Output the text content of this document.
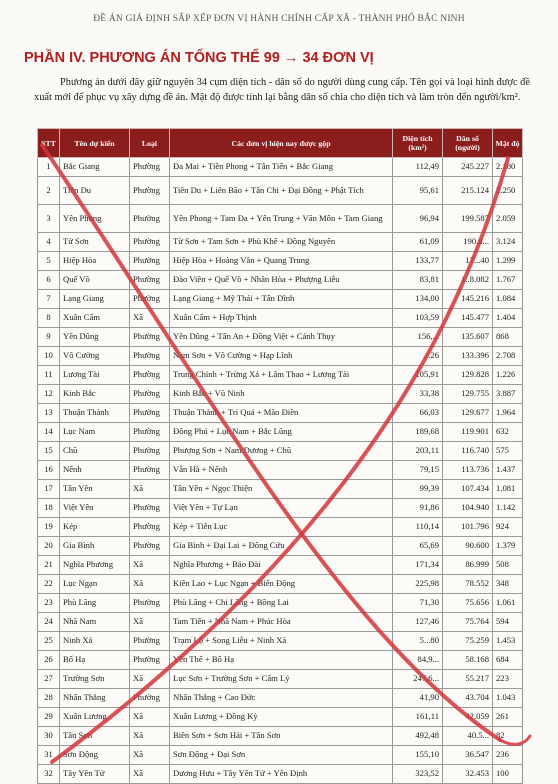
ĐỀ ÁN GIÁ ĐỊNH SẮP XẾP ĐƠN VỊ HÀNH CHÍNH CẤP XÃ - THÀNH PHỐ BẮC NINH
PHẦN IV. PHƯƠNG ÁN TỔNG THỂ 99 → 34 ĐƠN VỊ
Phương án dưới đây giữ nguyên 34 cụm diện tích - dân số do người dùng cung cấp. Tên gọi và loại hình được đề xuất mới để phục vụ xây dựng đề án. Mật độ được tính lại bằng dân số chia cho diện tích và làm tròn đến người/km².
STT	Tên dự kiến	Loại	Các đơn vị hiện nay được gộp	Diện tích (km²)	Dân số (người)	Mật độ
1	Bắc Giang	Phường	Đa Mai + Tiền Phong + Tân Tiến + Bắc Giang	112,49	245.227	2.180
2	Tiên Du	Phường	Tiên Du + Liên Bão + Tân Chi + Đại Đồng + Phật Tích	95,61	215.124	2.250
3	Yên Phong	Phường	Yên Phong + Tam Đa + Yên Trung + Văn Môn + Tam Giang	96,94	199.587	2.059
4	Từ Sơn	Phường	Từ Sơn + Tam Sơn + Phù Khê + Đồng Nguyên	61,09	190.8...	3.124
5	Hiệp Hòa	Phường	Hiệp Hòa + Hoàng Vân + Quang Trung	133,77	17...40	1.299
6	Quế Võ	Phường	Đào Viên + Quế Võ + Nhân Hòa + Phượng Liễu	83,81	1..8.082	1.767
7	Lạng Giang	Phường	Lạng Giang + Mỹ Thái + Tân Dĩnh	134,00	145.216	1.084
8	Xuân Cẩm	Xã	Xuân Cẩm + Hợp Thịnh	103,59	145.477	1.404
9	Yên Dũng	Phường	Yên Dũng + Tân An + Đồng Việt + Cảnh Thụy	156,...	135.607	868
10	Võ Cường	Phường	Nam Sơn + Võ Cường + Hạp Lĩnh	...26	133.396	2.708
11	Lương Tài	Phường	Trung Chính + Trừng Xá + Lâm Thao + Lương Tài	105,91	129.828	1.226
12	Kinh Bắc	Phường	Kinh Bắc + Vũ Ninh	33,38	129.755	3.887
13	Thuận Thành	Phường	Thuận Thành + Trí Quả + Mão Điền	66,03	129.677	1.964
14	Lục Nam	Phường	Đông Phú + Lục Nam + Bắc Lũng	189,68	119.901	632
15	Chũ	Phường	Phượng Sơn + Nam Dương + Chũ	203,11	116.740	575
16	Nếnh	Phường	Vân Hà + Nếnh	79,15	113.736	1.437
17	Tân Yên	Xã	Tân Yên + Ngọc Thiện	99,39	107.434	1.081
18	Việt Yên	Phường	Việt Yên + Tự Lạn	91,86	104.940	1.142
19	Kép	Phường	Kép + Tiên Lục	110,14	101.796	924
20	Gia Bình	Phường	Gia Bình + Đại Lai + Đông Cứu	65,69	90.600	1.379
21	Nghĩa Phương	Xã	Nghĩa Phương + Bảo Đài	171,34	86.999	508
22	Lục Ngạn	Xã	Kiên Lao + Lục Ngạn + Biển Động	225,98	78.552	348
23	Phù Lãng	Phường	Phù Lãng + Chi Lăng + Bồng Lai	71,30	75.656	1.061
24	Nhã Nam	Xã	Tam Tiến + Nhã Nam + Phúc Hòa	127,46	75.764	594
25	Ninh Xá	Phường	Trạm Lộ + Song Liễu + Ninh Xá	5...80	75.259	1.453
26	Bố Hạ	Phường	Yên Thế + Bố Hạ	84,9...	58.168	684
27	Trường Sơn	Xã	Lục Sơn + Trường Sơn + Cẩm Lý	247,6...	55.217	223
28	Nhân Thắng	Phường	Nhân Thắng + Cao Đức	41,90	43.704	1.043
29	Xuân Lương	Xã	Xuân Lương + Đồng Kỳ	161,11	42.059	261
30	Tân Sơn	Xã	Biên Sơn + Sơn Hải + Tân Sơn	492,48	40.5...	82
31	Sơn Động	Xã	Sơn Động + Đại Sơn	155,10	36.547	236
32	Tây Yên Tử	Xã	Dương Hưu + Tây Yên Tử + Yên Định	323,52	32.453	100
